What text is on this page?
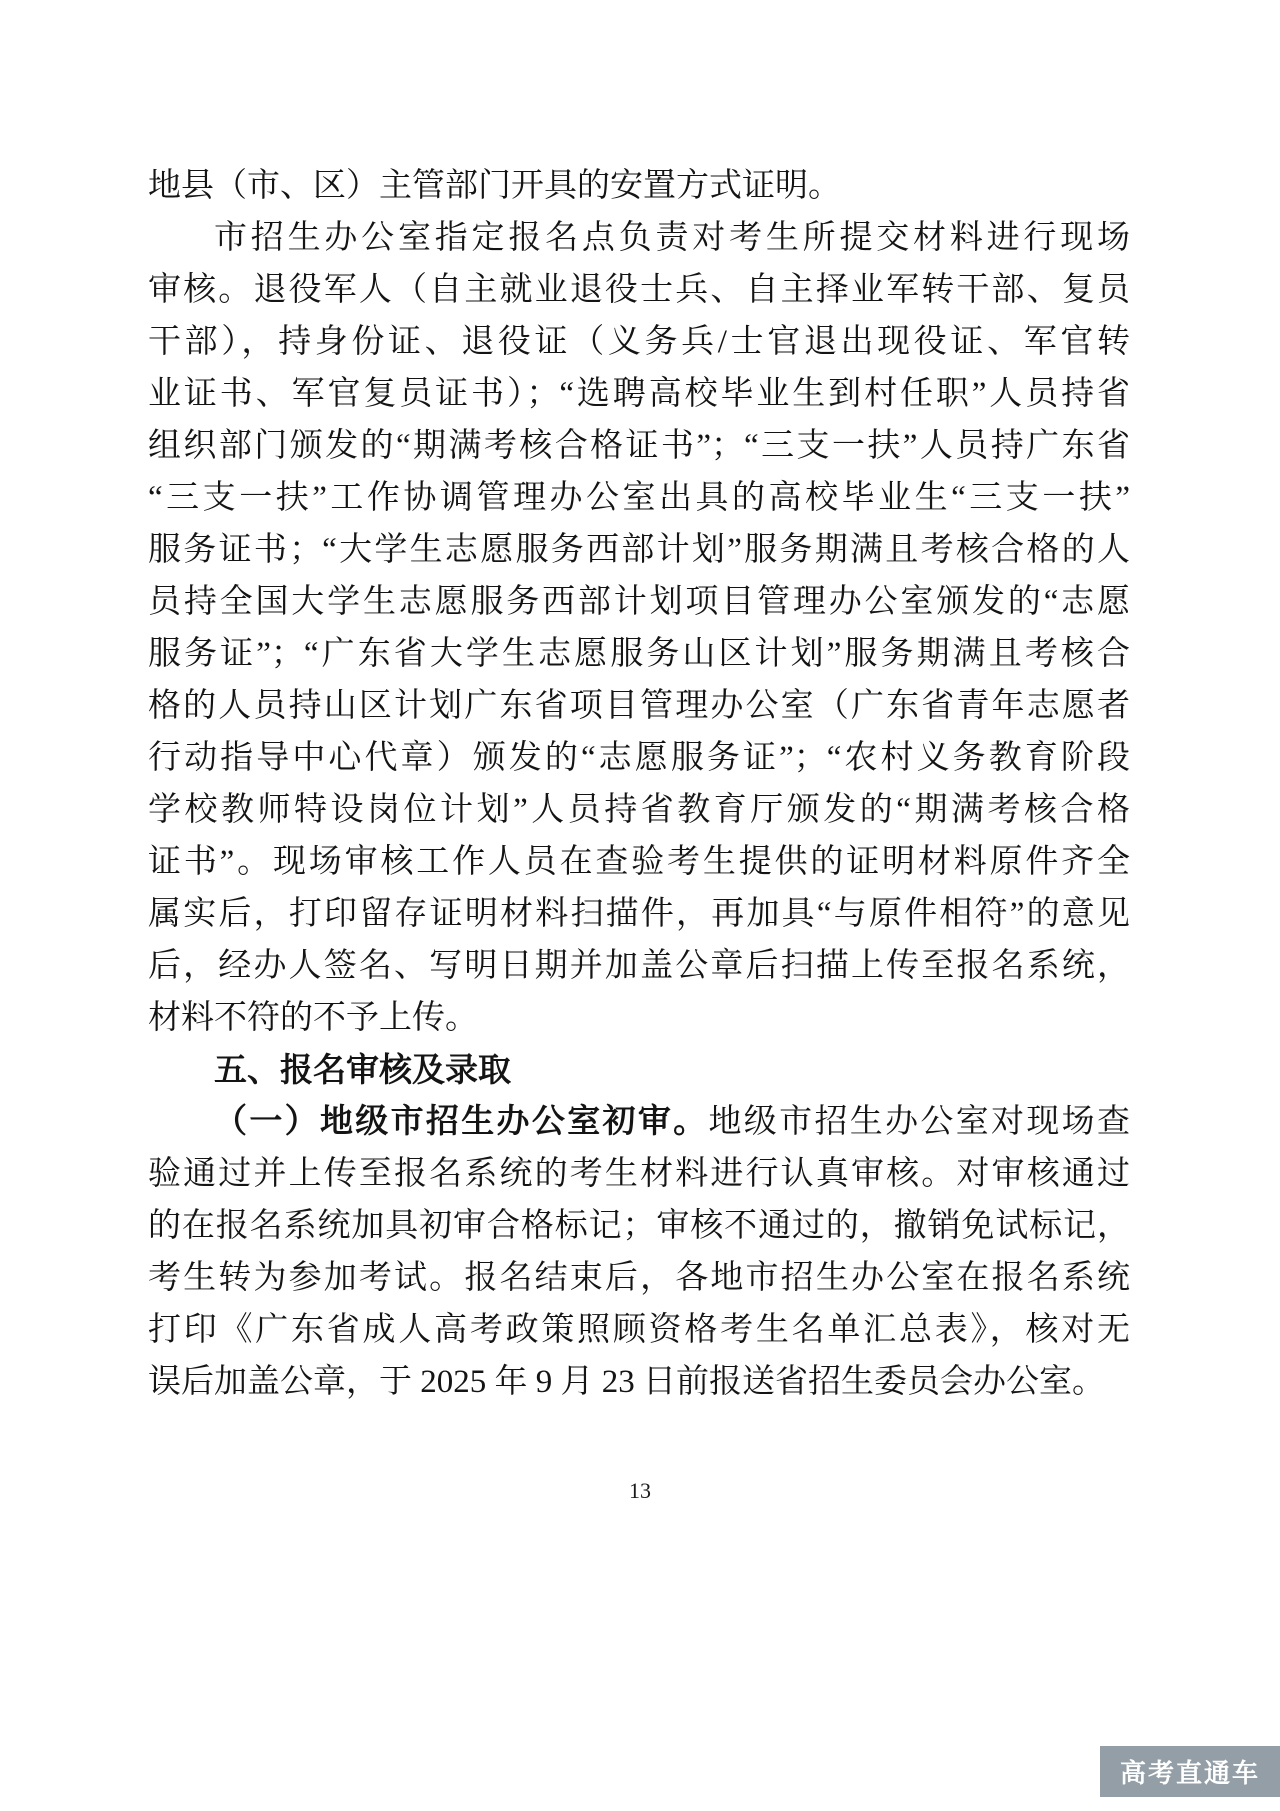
地县（市、区）主管部门开具的安置方式证明。
市招生办公室指定报名点负责对考生所提交材料进行现场
审核。退役军人（自主就业退役士兵、自主择业军转干部、复员
干部），持身份证、退役证（义务兵/士官退出现役证、军官转
业证书、军官复员证书）；“选聘高校毕业生到村任职”人员持省
组织部门颁发的“期满考核合格证书”；“三支一扶”人员持广东省
“三支一扶”工作协调管理办公室出具的高校毕业生“三支一扶”
服务证书；“大学生志愿服务西部计划”服务期满且考核合格的人
员持全国大学生志愿服务西部计划项目管理办公室颁发的“志愿
服务证”；“广东省大学生志愿服务山区计划”服务期满且考核合
格的人员持山区计划广东省项目管理办公室（广东省青年志愿者
行动指导中心代章）颁发的“志愿服务证”；“农村义务教育阶段
学校教师特设岗位计划”人员持省教育厅颁发的“期满考核合格
证书”。现场审核工作人员在查验考生提供的证明材料原件齐全
属实后，打印留存证明材料扫描件，再加具“与原件相符”的意见
后，经办人签名、写明日期并加盖公章后扫描上传至报名系统，
材料不符的不予上传。
五、报名审核及录取
（一）地级市招生办公室初审。地级市招生办公室对现场查
验通过并上传至报名系统的考生材料进行认真审核。对审核通过
的在报名系统加具初审合格标记；审核不通过的，撤销免试标记，
考生转为参加考试。报名结束后，各地市招生办公室在报名系统
打印《广东省成人高考政策照顾资格考生名单汇总表》，核对无
误后加盖公章，于 2025 年 9 月 23 日前报送省招生委员会办公室。
13
高考直通车
